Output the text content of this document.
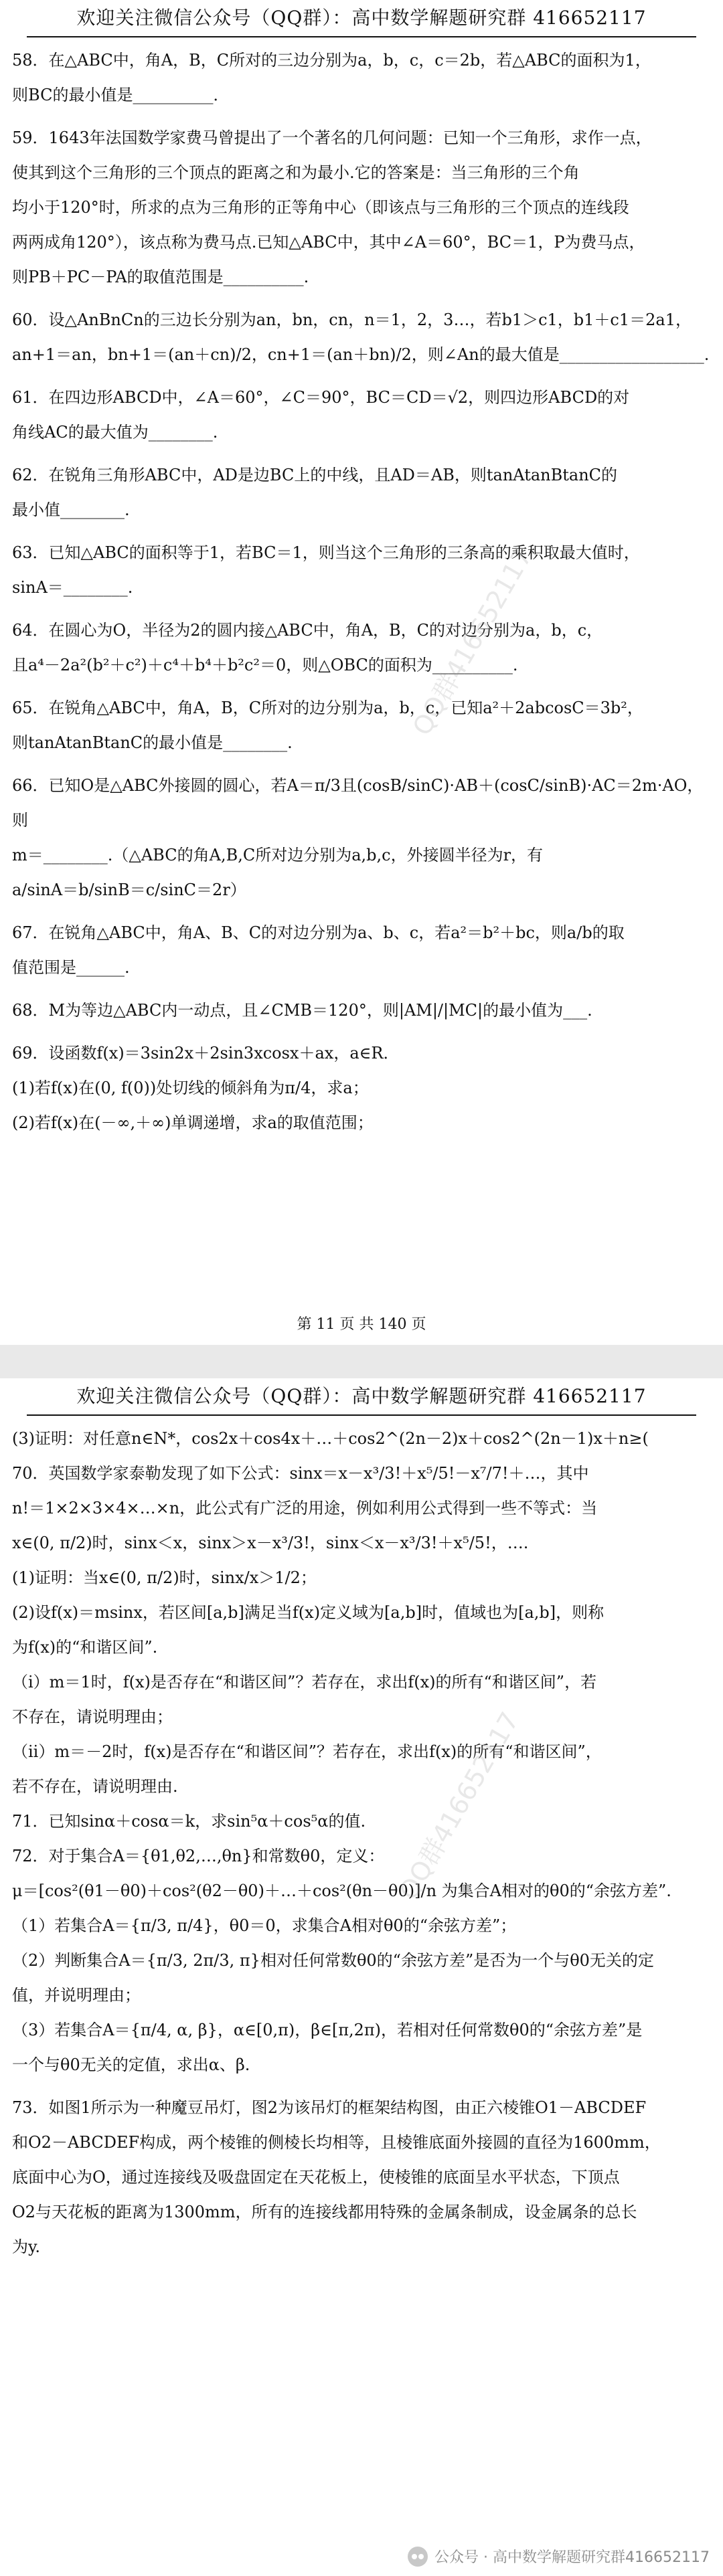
欢迎关注微信公众号（QQ群）：高中数学解题研究群 416652117
58．在△ABC中，角A，B，C所对的三边分别为a，b，c，c＝2b，若△ABC的面积为1，
则BC的最小值是__________．
59．1643年法国数学家费马曾提出了一个著名的几何问题：已知一个三角形，求作一点，
使其到这个三角形的三个顶点的距离之和为最小.它的答案是：当三角形的三个角
均小于120°时，所求的点为三角形的正等角中心（即该点与三角形的三个顶点的连线段
两两成角120°），该点称为费马点.已知△ABC中，其中∠A＝60°，BC＝1，P为费马点，
则PB＋PC－PA的取值范围是__________.
60．设△AnBnCn的三边长分别为an，bn，cn，n＝1，2，3…，若b1＞c1，b1＋c1＝2a1，
an+1＝an，bn+1＝(an＋cn)/2，cn+1＝(an＋bn)/2，则∠An的最大值是__________________.
61．在四边形ABCD中，∠A＝60°，∠C＝90°，BC＝CD＝√2，则四边形ABCD的对
角线AC的最大值为________.
62．在锐角三角形ABC中，AD是边BC上的中线，且AD＝AB，则tanAtanBtanC的
最小值________.
63．已知△ABC的面积等于1，若BC＝1，则当这个三角形的三条高的乘积取最大值时，
sinA＝________.
64．在圆心为O，半径为2的圆内接△ABC中，角A，B，C的对边分别为a，b，c，
且a⁴－2a²(b²＋c²)＋c⁴＋b⁴＋b²c²＝0，则△OBC的面积为__________.
65．在锐角△ABC中，角A，B，C所对的边分别为a，b，c，已知a²＋2abcosC＝3b²，
则tanAtanBtanC的最小值是________.
66．已知O是△ABC外接圆的圆心，若A＝π/3且(cosB/sinC)·AB＋(cosC/sinB)·AC＝2m·AO，则
m＝________.（△ABC的角A,B,C所对边分别为a,b,c，外接圆半径为r，有
a/sinA＝b/sinB＝c/sinC＝2r）
67．在锐角△ABC中，角A、B、C的对边分别为a、b、c，若a²＝b²＋bc，则a/b的取
值范围是______.
68．M为等边△ABC内一动点，且∠CMB＝120°，则|AM|/|MC|的最小值为___.
69．设函数f(x)＝3sin2x＋2sin3xcosx＋ax，a∈R．
(1)若f(x)在(0, f(0))处切线的倾斜角为π/4，求a；
(2)若f(x)在(－∞,＋∞)单调递增，求a的取值范围；
QQ群416652117
第 11 页 共 140 页
欢迎关注微信公众号（QQ群）：高中数学解题研究群 416652117
(3)证明：对任意n∈N*，cos2x＋cos4x＋…＋cos2^(2n－2)x＋cos2^(2n－1)x＋n≥(
70．英国数学家泰勒发现了如下公式：sinx＝x－x³/3!＋x⁵/5!－x⁷/7!＋…，其中
n!＝1×2×3×4×…×n，此公式有广泛的用途，例如利用公式得到一些不等式：当
x∈(0, π/2)时，sinx＜x，sinx＞x－x³/3!，sinx＜x－x³/3!＋x⁵/5!，….
(1)证明：当x∈(0, π/2)时，sinx/x＞1/2；
(2)设f(x)＝msinx，若区间[a,b]满足当f(x)定义域为[a,b]时，值域也为[a,b]，则称
为f(x)的“和谐区间”.
（i）m＝1时，f(x)是否存在“和谐区间”？若存在，求出f(x)的所有“和谐区间”，若
不存在，请说明理由；
（ii）m＝－2时，f(x)是否存在“和谐区间”？若存在，求出f(x)的所有“和谐区间”，
若不存在，请说明理由.
71．已知sinα＋cosα＝k，求sin⁵α＋cos⁵α的值.
72．对于集合A＝{θ1,θ2,…,θn}和常数θ0，定义：
μ＝[cos²(θ1－θ0)＋cos²(θ2－θ0)＋…＋cos²(θn－θ0)]/n 为集合A相对的θ0的“余弦方差”.
（1）若集合A＝{π/3, π/4}，θ0＝0，求集合A相对θ0的“余弦方差”；
（2）判断集合A＝{π/3, 2π/3, π}相对任何常数θ0的“余弦方差”是否为一个与θ0无关的定
值，并说明理由；
（3）若集合A＝{π/4, α, β}，α∈[0,π)，β∈[π,2π)，若相对任何常数θ0的“余弦方差”是
一个与θ0无关的定值，求出α、β.
73．如图1所示为一种魔豆吊灯，图2为该吊灯的框架结构图，由正六棱锥O1－ABCDEF
和O2－ABCDEF构成，两个棱锥的侧棱长均相等，且棱锥底面外接圆的直径为1600mm，
底面中心为O，通过连接线及吸盘固定在天花板上，使棱锥的底面呈水平状态，下顶点
O2与天花板的距离为1300mm，所有的连接线都用特殊的金属条制成，设金属条的总长
为y.
QQ群416652117
公众号 · 高中数学解题研究群416652117
